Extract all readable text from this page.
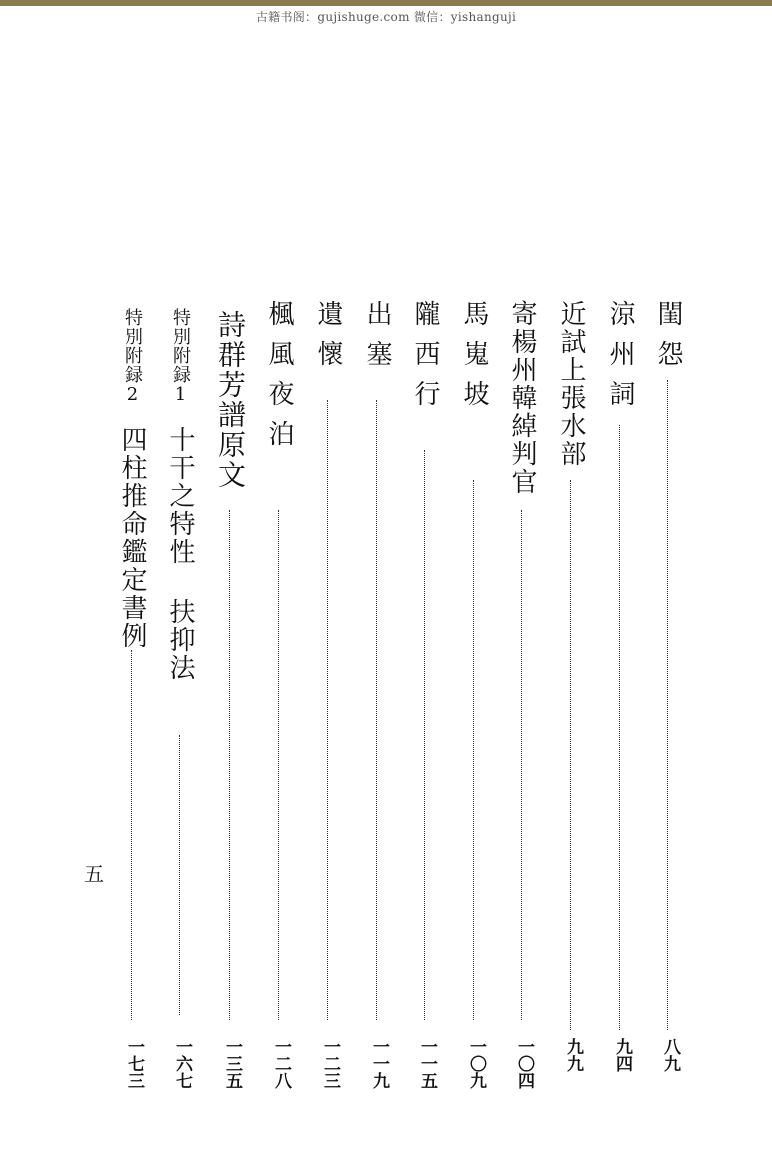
古籍书阁：gujishuge.com 微信：yishanguji
閨怨
八九
涼州詞
九四
近試上張水部
九九
寄楊州韓綽判官
一〇四
馬嵬坡
一〇九
隴西行
一一五
出塞
一一九
遺懷
一二三
楓風夜泊
一二八
詩群芳譜原文
一三五
特別附録1
十干之特性 扶抑法
一六七
特別附録2
四柱推命鑑定書例
一七三
五
